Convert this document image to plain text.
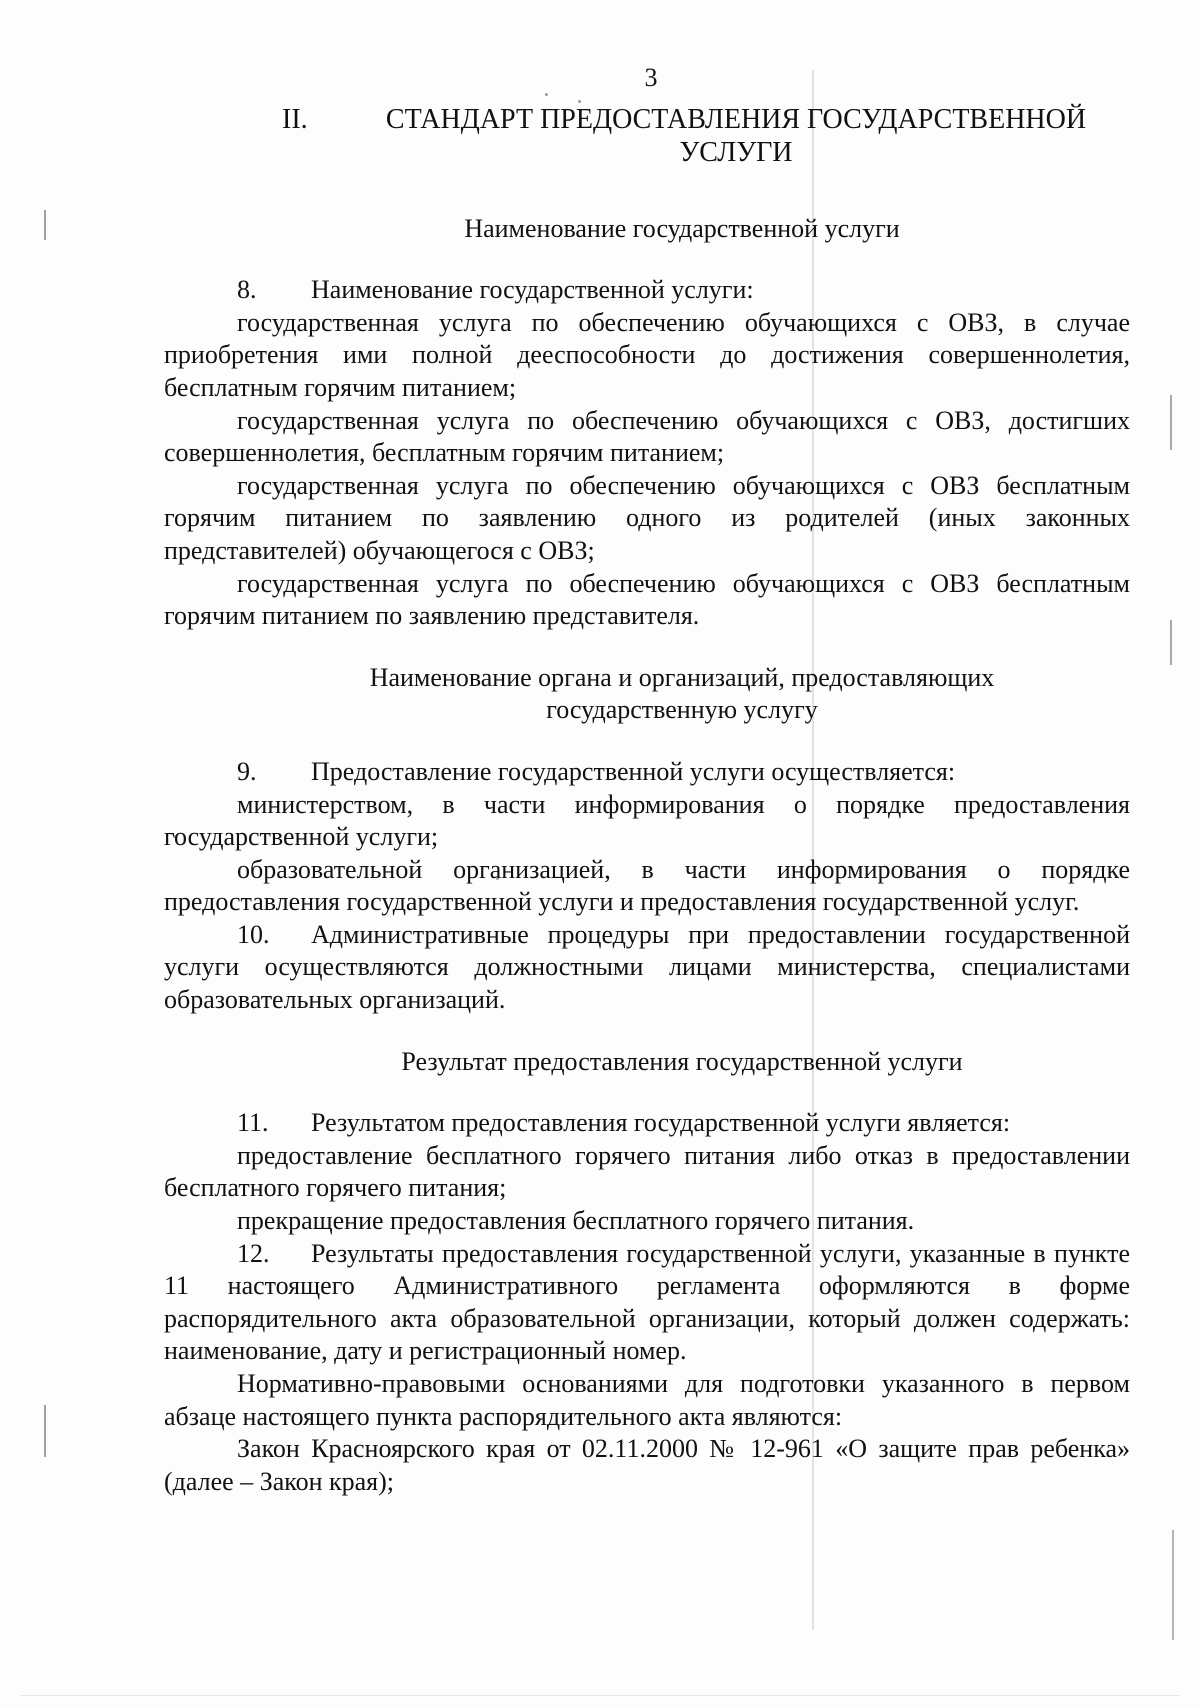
3
II.	СТАНДАРТ ПРЕДОСТАВЛЕНИЯ ГОСУДАРСТВЕННОЙ УСЛУГИ
Наименование государственной услуги

8. Наименование государственной услуги:

государственная услуга по обеспечению обучающихся с ОВЗ, в случае приобретения ими полной дееспособности до достижения совершеннолетия, бесплатным горячим питанием;

государственная услуга по обеспечению обучающихся с ОВЗ, достигших совершеннолетия, бесплатным горячим питанием;

государственная услуга по обеспечению обучающихся с ОВЗ бесплатным горячим питанием по заявлению одного из родителей (иных законных представителей) обучающегося с ОВЗ;

государственная услуга по обеспечению обучающихся с ОВЗ бесплатным горячим питанием по заявлению представителя.

Наименование органа и организаций, предоставляющих государственную услугу

9. Предоставление государственной услуги осуществляется:

министерством, в части информирования о порядке предоставления государственной услуги;

образовательной организацией, в части информирования о порядке предоставления государственной услуги и предоставления государственной услуг.

10. Административные процедуры при предоставлении государственной услуги осуществляются должностными лицами министерства, специалистами образовательных организаций.

Результат предоставления государственной услуги

11. Результатом предоставления государственной услуги является:

предоставление бесплатного горячего питания либо отказ в предоставлении бесплатного горячего питания;

прекращение предоставления бесплатного горячего питания.

12. Результаты предоставления государственной услуги, указанные в пункте 11 настоящего Административного регламента оформляются в форме распорядительного акта образовательной организации, который должен содержать: наименование, дату и регистрационный номер.

Нормативно-правовыми основаниями для подготовки указанного в первом абзаце настоящего пункта распорядительного акта являются:

Закон Красноярского края от 02.11.2000 № 12-961 «О защите прав ребенка» (далее – Закон края);
